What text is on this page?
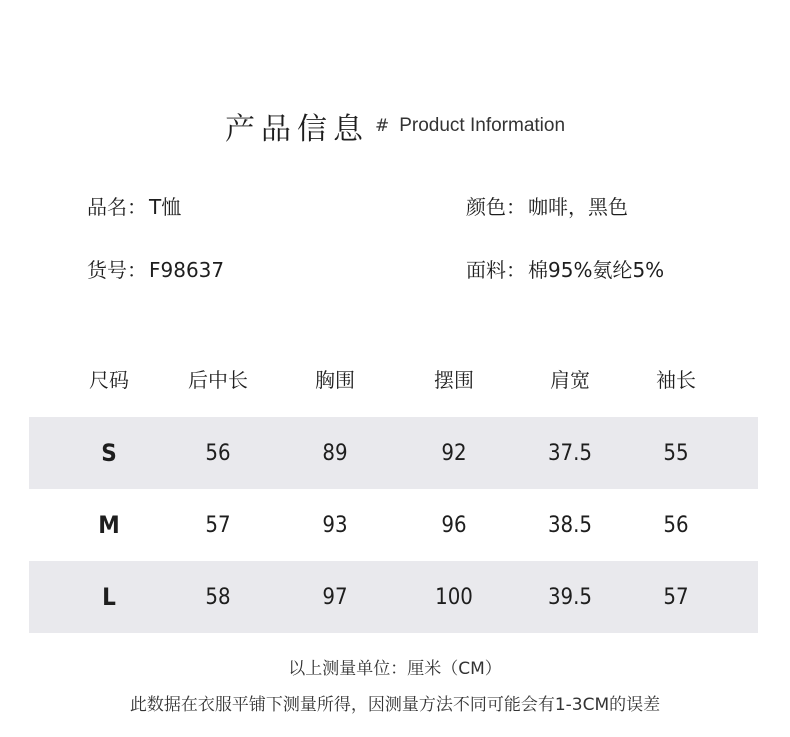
产品信息 # Product Information
品名： T恤	颜色： 咖啡，黑色
货号： F98637	面料： 棉95%氨纶5%
尺码	后中长	胸围	摆围	肩宽	袖长
S	56	89	92	37.5	55
M	57	93	96	38.5	56
L	58	97	100	39.5	57
以上测量单位：厘米（CM）
此数据在衣服平铺下测量所得，因测量方法不同可能会有1-3CM的误差
